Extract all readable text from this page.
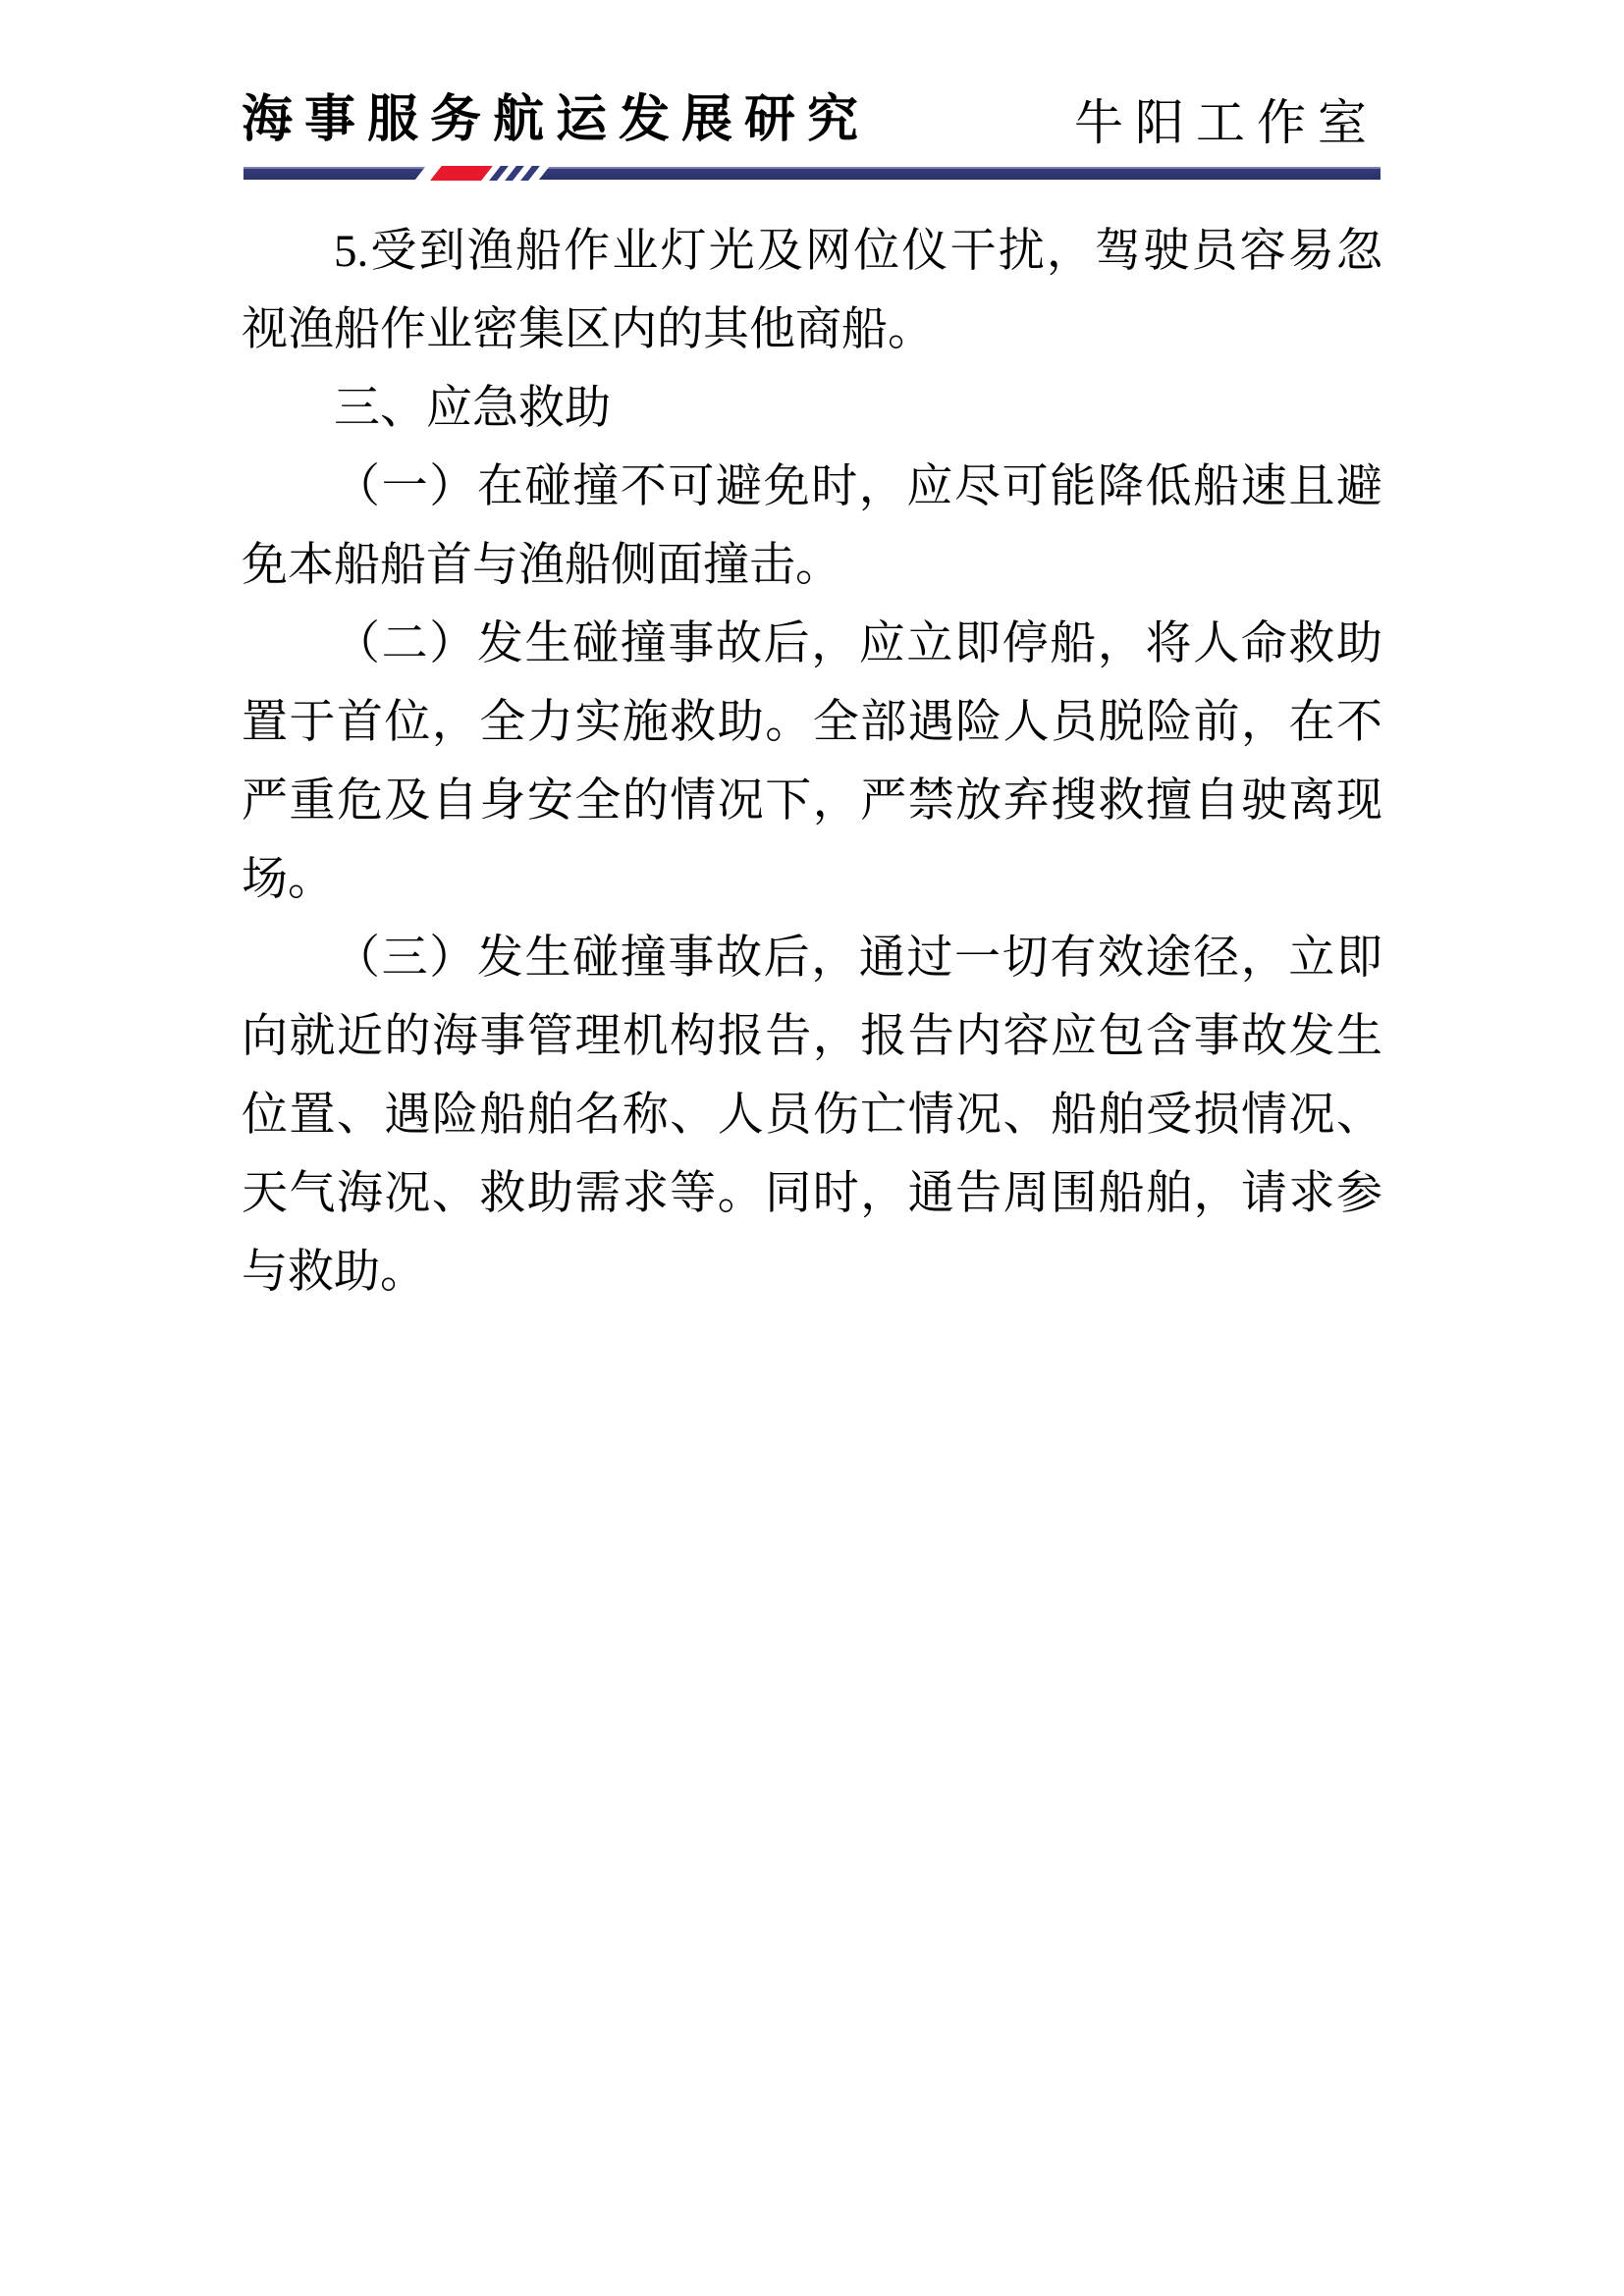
海事服务航运发展研究	牛阳工作室

5.受到渔船作业灯光及网位仪干扰，驾驶员容易忽视渔船作业密集区内的其他商船。

三、应急救助

（一）在碰撞不可避免时，应尽可能降低船速且避免本船船首与渔船侧面撞击。

（二）发生碰撞事故后，应立即停船，将人命救助置于首位，全力实施救助。全部遇险人员脱险前，在不严重危及自身安全的情况下，严禁放弃搜救擅自驶离现场。

（三）发生碰撞事故后，通过一切有效途径，立即向就近的海事管理机构报告，报告内容应包含事故发生位置、遇险船舶名称、人员伤亡情况、船舶受损情况、天气海况、救助需求等。同时，通告周围船舶，请求参与救助。
